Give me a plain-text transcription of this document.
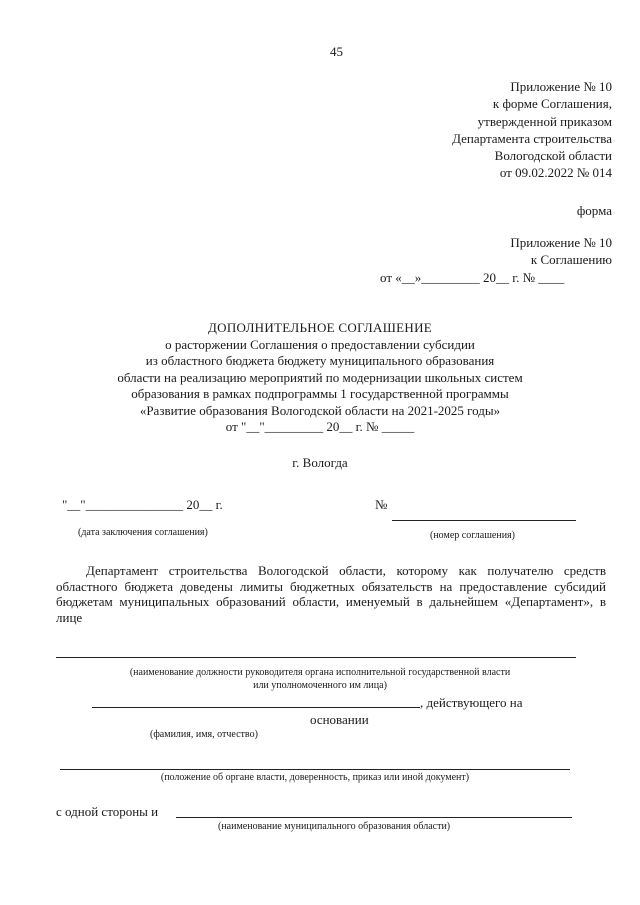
45
Приложение № 10
к форме Соглашения,
утвержденной приказом
Департамента строительства
Вологодской области
от 09.02.2022 № 014
форма
Приложение № 10
к Соглашению
от «__»_________ 20__ г. № ____
ДОПОЛНИТЕЛЬНОЕ СОГЛАШЕНИЕ
о расторжении Соглашения о предоставлении субсидии
из областного бюджета бюджету муниципального образования
области на реализацию мероприятий по модернизации школьных систем
образования в рамках подпрограммы 1 государственной программы
«Развитие образования Вологодской области на 2021-2025 годы»
от "__"_________ 20__ г. № _____
г. Вологда
"__"_______________ 20__ г.	№
(дата заключения соглашения)	(номер соглашения)
Департамент строительства Вологодской области, которому как получателю средств областного бюджета доведены лимиты бюджетных обязательств на предоставление субсидий бюджетам муниципальных образований области, именуемый в дальнейшем «Департамент», в лице
(наименование должности руководителя органа исполнительной государственной власти
или уполномоченного им лица)
, действующего на
основании
(фамилия, имя, отчество)
(положение об органе власти, доверенность, приказ или иной документ)
с одной стороны и
(наименование муниципального образования области)
